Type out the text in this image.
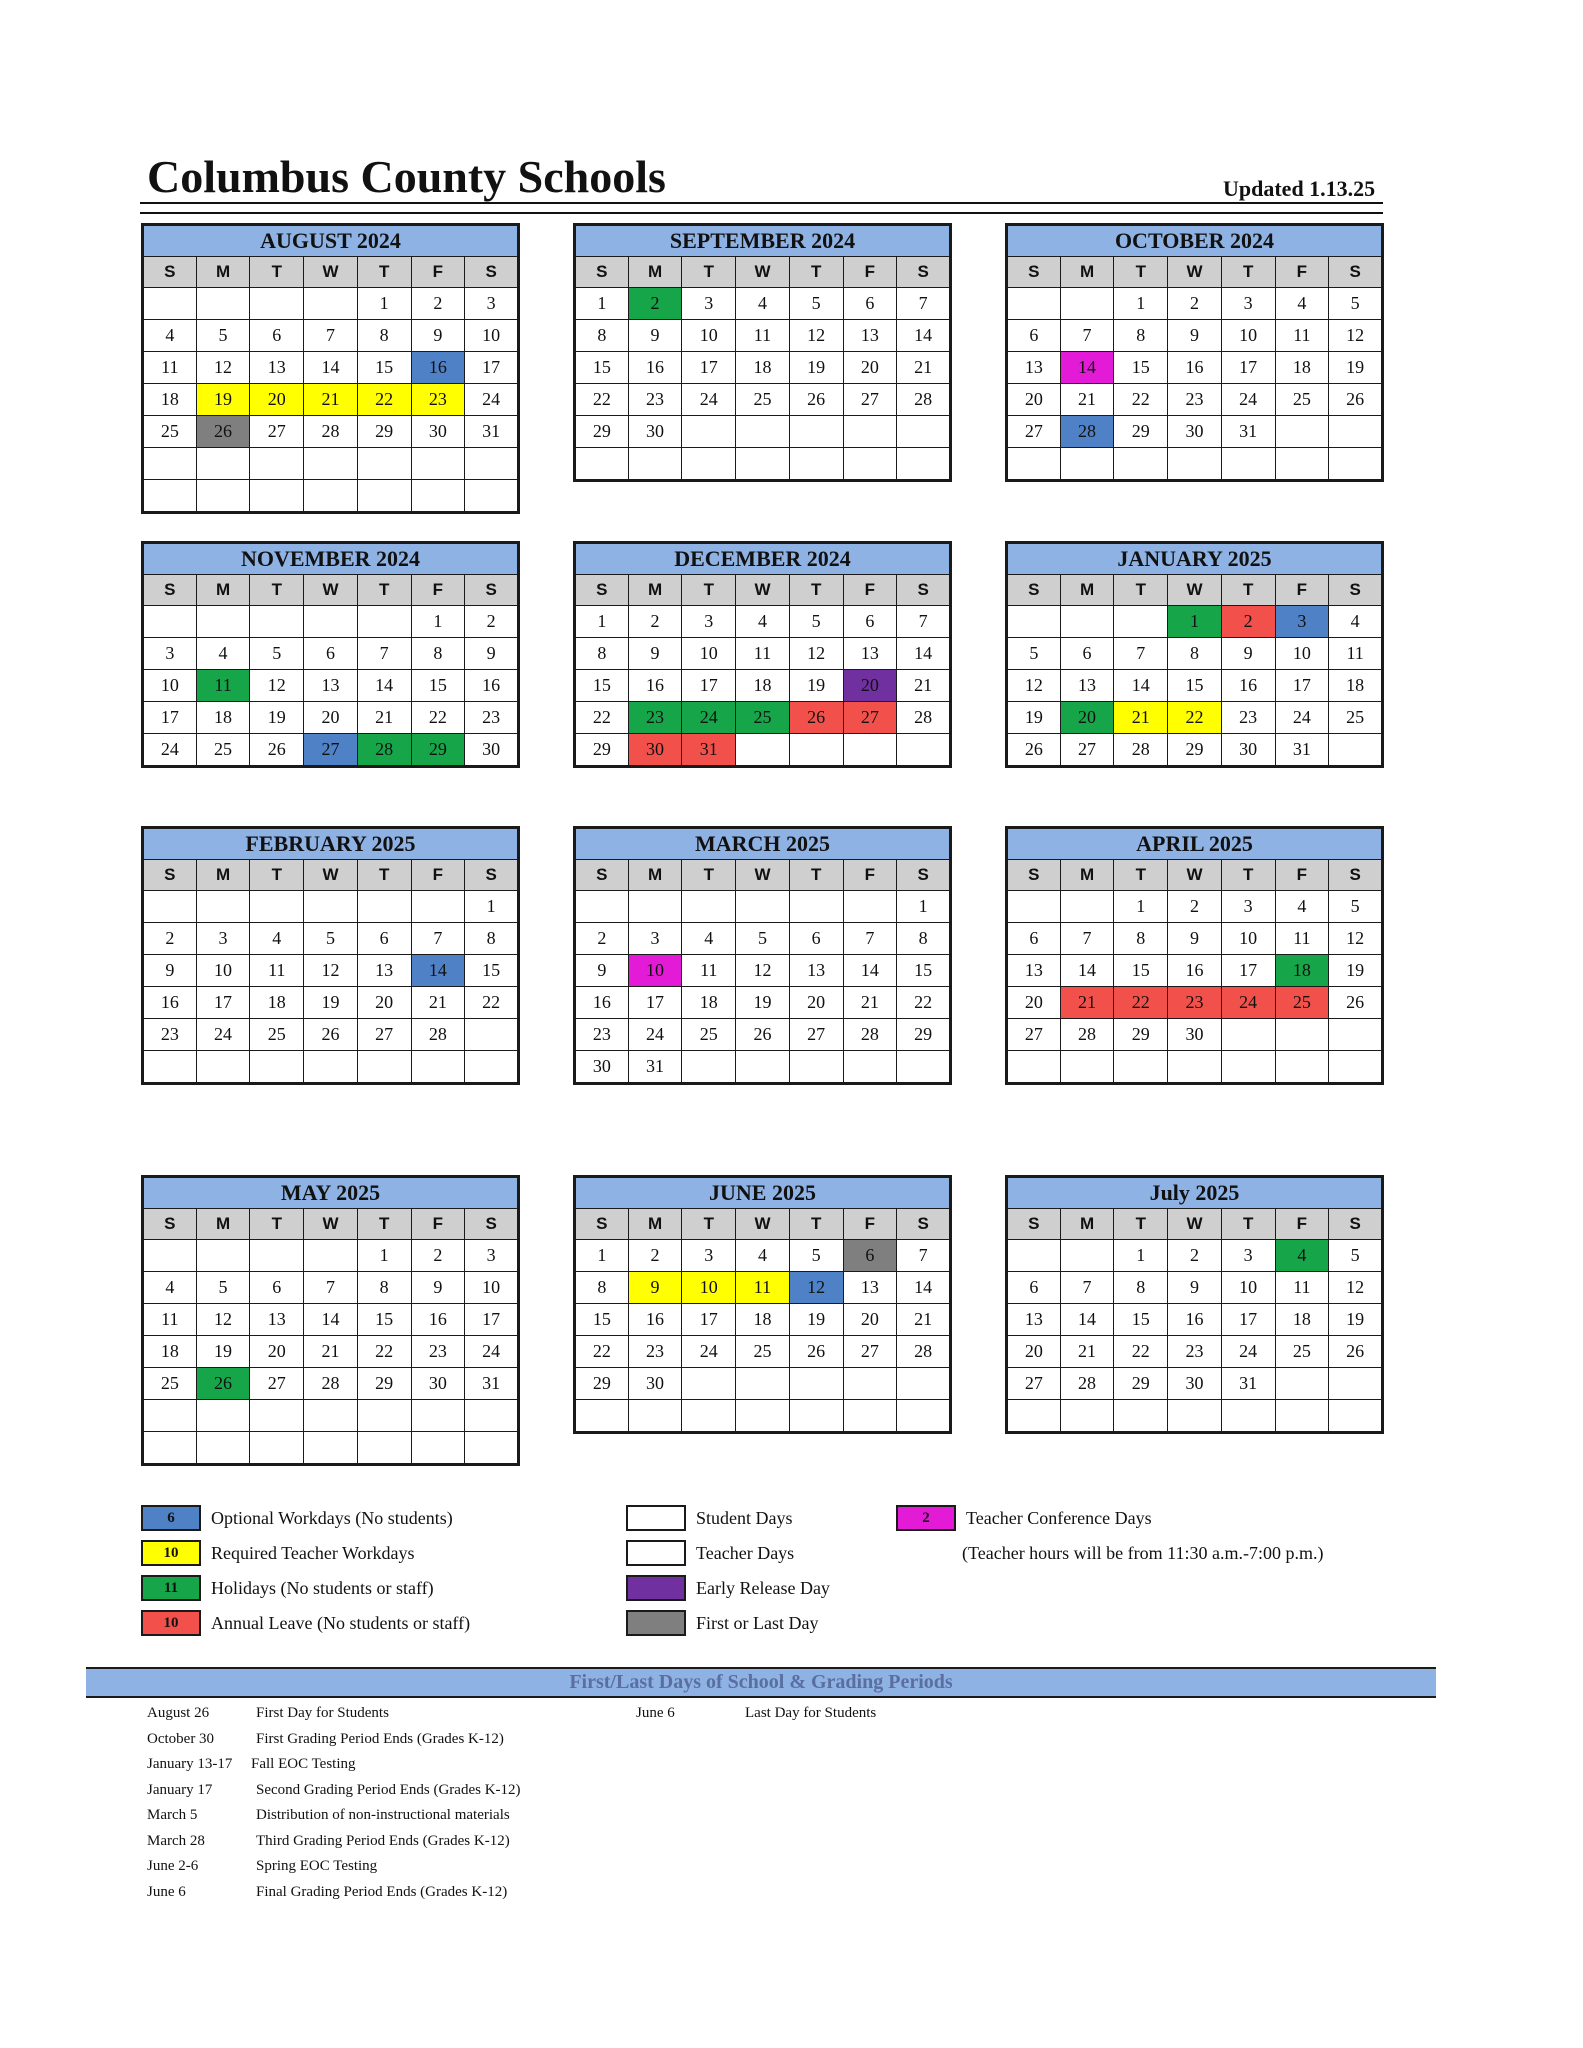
Columbus County Schools	Updated 1.13.25
AUGUST 2024						
S	M	T	W	T	F	S
				1	2	3
4	5	6	7	8	9	10
11	12	13	14	15	16	17
18	19	20	21	22	23	24
25	26	27	28	29	30	31

SEPTEMBER 2024						
S	M	T	W	T	F	S
1	2	3	4	5	6	7
8	9	10	11	12	13	14
15	16	17	18	19	20	21
22	23	24	25	26	27	28
29	30					

OCTOBER 2024						
S	M	T	W	T	F	S
		1	2	3	4	5
6	7	8	9	10	11	12
13	14	15	16	17	18	19
20	21	22	23	24	25	26
27	28	29	30	31		

NOVEMBER 2024						
S	M	T	W	T	F	S
					1	2
3	4	5	6	7	8	9
10	11	12	13	14	15	16
17	18	19	20	21	22	23
24	25	26	27	28	29	30
DECEMBER 2024						
S	M	T	W	T	F	S
1	2	3	4	5	6	7
8	9	10	11	12	13	14
15	16	17	18	19	20	21
22	23	24	25	26	27	28
29	30	31				
JANUARY 2025						
S	M	T	W	T	F	S
			1	2	3	4
5	6	7	8	9	10	11
12	13	14	15	16	17	18
19	20	21	22	23	24	25
26	27	28	29	30	31	
FEBRUARY 2025						
S	M	T	W	T	F	S
						1
2	3	4	5	6	7	8
9	10	11	12	13	14	15
16	17	18	19	20	21	22
23	24	25	26	27	28	

MARCH 2025						
S	M	T	W	T	F	S
						1
2	3	4	5	6	7	8
9	10	11	12	13	14	15
16	17	18	19	20	21	22
23	24	25	26	27	28	29
30	31					
APRIL 2025						
S	M	T	W	T	F	S
		1	2	3	4	5
6	7	8	9	10	11	12
13	14	15	16	17	18	19
20	21	22	23	24	25	26
27	28	29	30			

MAY 2025						
S	M	T	W	T	F	S
				1	2	3
4	5	6	7	8	9	10
11	12	13	14	15	16	17
18	19	20	21	22	23	24
25	26	27	28	29	30	31

JUNE 2025						
S	M	T	W	T	F	S
1	2	3	4	5	6	7
8	9	10	11	12	13	14
15	16	17	18	19	20	21
22	23	24	25	26	27	28
29	30					

July 2025						
S	M	T	W	T	F	S
		1	2	3	4	5
6	7	8	9	10	11	12
13	14	15	16	17	18	19
20	21	22	23	24	25	26
27	28	29	30	31		

6	Optional Workdays (No students)
10	Required Teacher Workdays
11	Holidays (No students or staff)
10	Annual Leave (No students or staff)
Student Days
Teacher Days
Early Release Day
First or Last Day
2	Teacher Conference Days
(Teacher hours will be from 11:30 a.m.-7:00 p.m.)
First/Last Days of School & Grading Periods
August 26	First Day for Students
October 30	First Grading Period Ends (Grades K-12)
January 13-17 Fall EOC Testing
January 17	Second Grading Period Ends (Grades K-12)
March 5	Distribution of non-instructional materials
March 28	Third Grading Period Ends (Grades K-12)
June 2-6	Spring EOC Testing
June 6	Final Grading Period Ends (Grades K-12)
June 6	Last Day for Students
